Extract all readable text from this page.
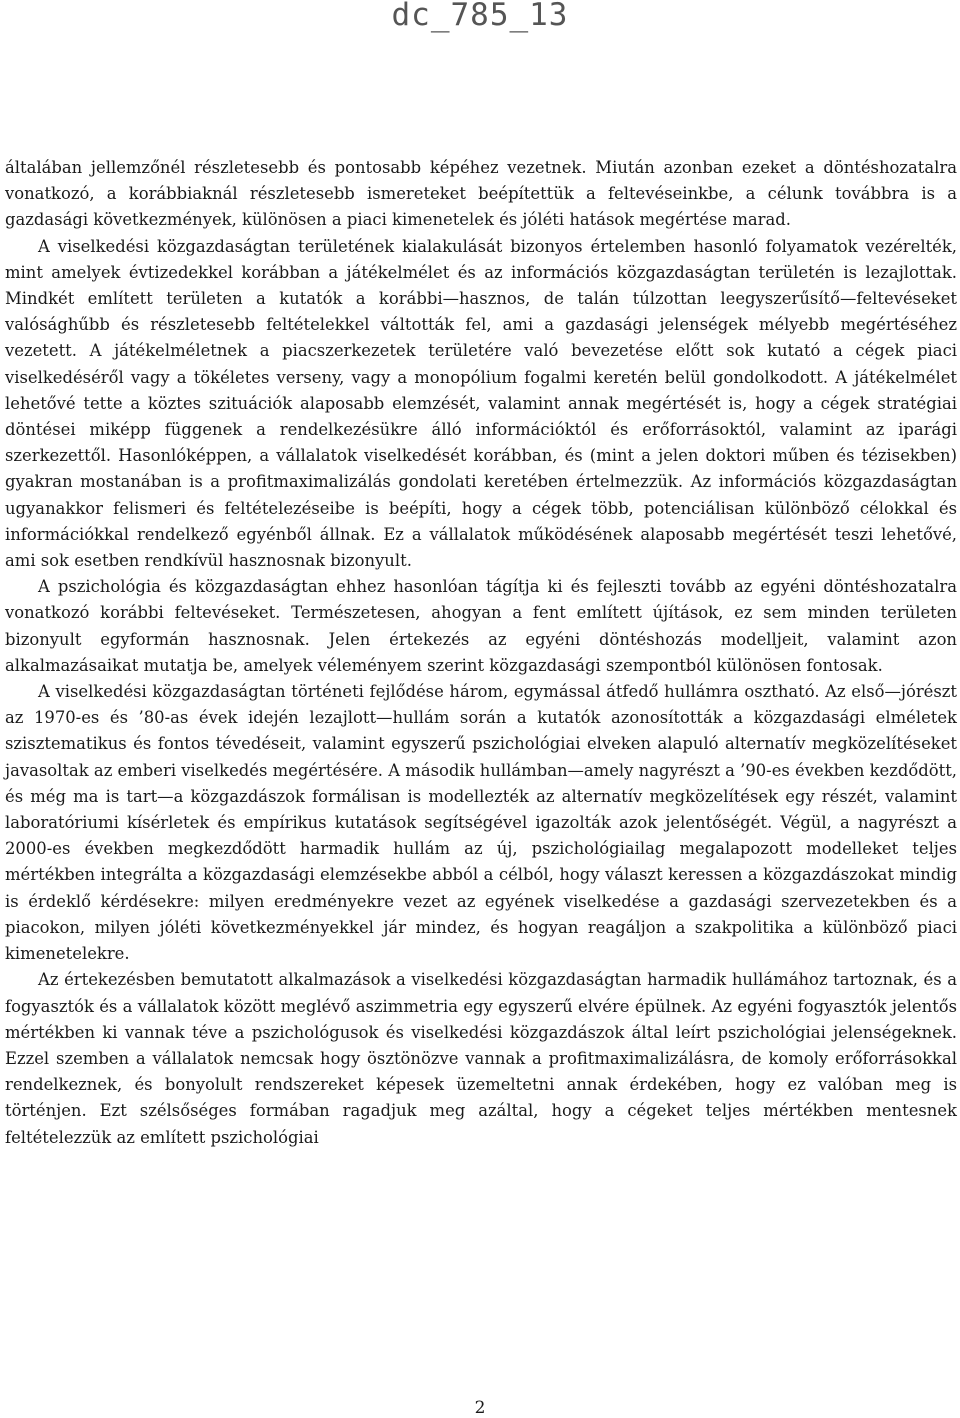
dc_785_13

általában jellemzőnél részletesebb és pontosabb képéhez vezetnek. Miután azonban ezeket a döntéshozatalra vonatkozó, a korábbiaknál részletesebb ismereteket beépítettük a feltevéseinkbe, a célunk továbbra is a gazdasági következmények, különösen a piaci kimenetelek és jóléti hatások megértése marad.

A viselkedési közgazdaságtan területének kialakulását bizonyos értelemben hasonló folyamatok vezérelték, mint amelyek évtizedekkel korábban a játékelmélet és az információs közgazdaságtan területén is lezajlottak. Mindkét említett területen a kutatók a korábbi—hasznos, de talán túlzottan leegyszerűsítő—feltevéseket valósághűbb és részletesebb feltételekkel váltották fel, ami a gazdasági jelenségek mélyebb megértéséhez vezetett. A játékelméletnek a piacszerkezetek területére való bevezetése előtt sok kutató a cégek piaci viselkedéséről vagy a tökéletes verseny, vagy a monopólium fogalmi keretén belül gondolkodott. A játékelmélet lehetővé tette a köztes szituációk alaposabb elemzését, valamint annak megértését is, hogy a cégek stratégiai döntései miképp függenek a rendelkezésükre álló információktól és erőforrásoktól, valamint az iparági szerkezettől. Hasonlóképpen, a vállalatok viselkedését korábban, és (mint a jelen doktori műben és tézisekben) gyakran mostanában is a profitmaximalizálás gondolati keretében értelmezzük. Az információs közgazdaságtan ugyanakkor felismeri és feltételezéseibe is beépíti, hogy a cégek több, potenciálisan különböző célokkal és információkkal rendelkező egyénből állnak. Ez a vállalatok működésének alaposabb megértését teszi lehetővé, ami sok esetben rendkívül hasznosnak bizonyult.

A pszichológia és közgazdaságtan ehhez hasonlóan tágítja ki és fejleszti tovább az egyéni döntéshozatalra vonatkozó korábbi feltevéseket. Természetesen, ahogyan a fent említett újítások, ez sem minden területen bizonyult egyformán hasznosnak. Jelen értekezés az egyéni döntéshozás modelljeit, valamint azon alkalmazásaikat mutatja be, amelyek véleményem szerint közgazdasági szempontból különösen fontosak.

A viselkedési közgazdaságtan történeti fejlődése három, egymással átfedő hullámra osztható. Az első—jórészt az 1970-es és ’80-as évek idején lezajlott—hullám során a kutatók azonosították a közgazdasági elméletek szisztematikus és fontos tévedéseit, valamint egyszerű pszichológiai elveken alapuló alternatív megközelítéseket javasoltak az emberi viselkedés megértésére. A második hullámban—amely nagyrészt a ’90-es években kezdődött, és még ma is tart—a közgazdászok formálisan is modellezték az alternatív megközelítések egy részét, valamint laboratóriumi kísérletek és empírikus kutatások segítségével igazolták azok jelentőségét. Végül, a nagyrészt a 2000-es években megkezdődött harmadik hullám az új, pszichológiailag megalapozott modelleket teljes mértékben integrálta a közgazdasági elemzésekbe abból a célból, hogy választ keressen a közgazdászokat mindig is érdeklő kérdésekre: milyen eredményekre vezet az egyének viselkedése a gazdasági szervezetekben és a piacokon, milyen jóléti következményekkel jár mindez, és hogyan reagáljon a szakpolitika a különböző piaci kimenetelekre.

Az értekezésben bemutatott alkalmazások a viselkedési közgazdaságtan harmadik hullámához tartoznak, és a fogyasztók és a vállalatok között meglévő aszimmetria egy egyszerű elvére épülnek. Az egyéni fogyasztók jelentős mértékben ki vannak téve a pszichológusok és viselkedési közgazdászok által leírt pszichológiai jelenségeknek. Ezzel szemben a vállalatok nemcsak hogy ösztönözve vannak a profitmaximalizálásra, de komoly erőforrásokkal rendelkeznek, és bonyolult rendszereket képesek üzemeltetni annak érdekében, hogy ez valóban meg is történjen. Ezt szélsőséges formában ragadjuk meg azáltal, hogy a cégeket teljes mértékben mentesnek feltételezzük az említett pszichológiai

2
